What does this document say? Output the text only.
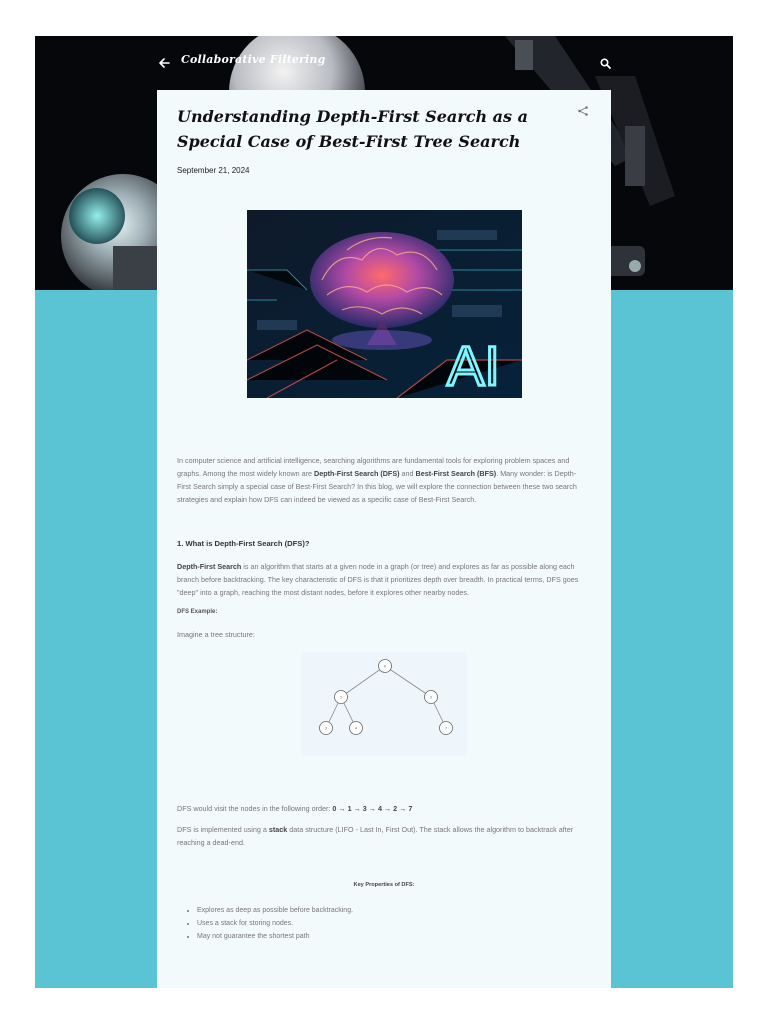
Collaborative Filtering
Understanding Depth-First Search as a Special Case of Best-First Tree Search
September 21, 2024
AI

In computer science and artificial intelligence, searching algorithms are fundamental tools for exploring problem spaces and graphs. Among the most widely known are Depth-First Search (DFS) and Best-First Search (BFS). Many wonder: is Depth-First Search simply a special case of Best-First Search? In this blog, we will explore the connection between these two search strategies and explain how DFS can indeed be viewed as a specific case of Best-First Search.

1. What is Depth-First Search (DFS)?

Depth-First Search is an algorithm that starts at a given node in a graph (or tree) and explores as far as possible along each branch before backtracking. The key characteristic of DFS is that it prioritizes depth over breadth. In practical terms, DFS goes "deep" into a graph, reaching the most distant nodes, before it explores other nearby nodes.

DFS Example:
Imagine a tree structure:
0
1	2
3	4	7
DFS would visit the nodes in the following order: 0 → 1 → 3 → 4 → 2 → 7

DFS is implemented using a stack data structure (LIFO - Last In, First Out). The stack allows the algorithm to backtrack after reaching a dead-end.

Key Properties of DFS:
• Explores as deep as possible before backtracking.
• Uses a stack for storing nodes.
• May not guarantee the shortest path
